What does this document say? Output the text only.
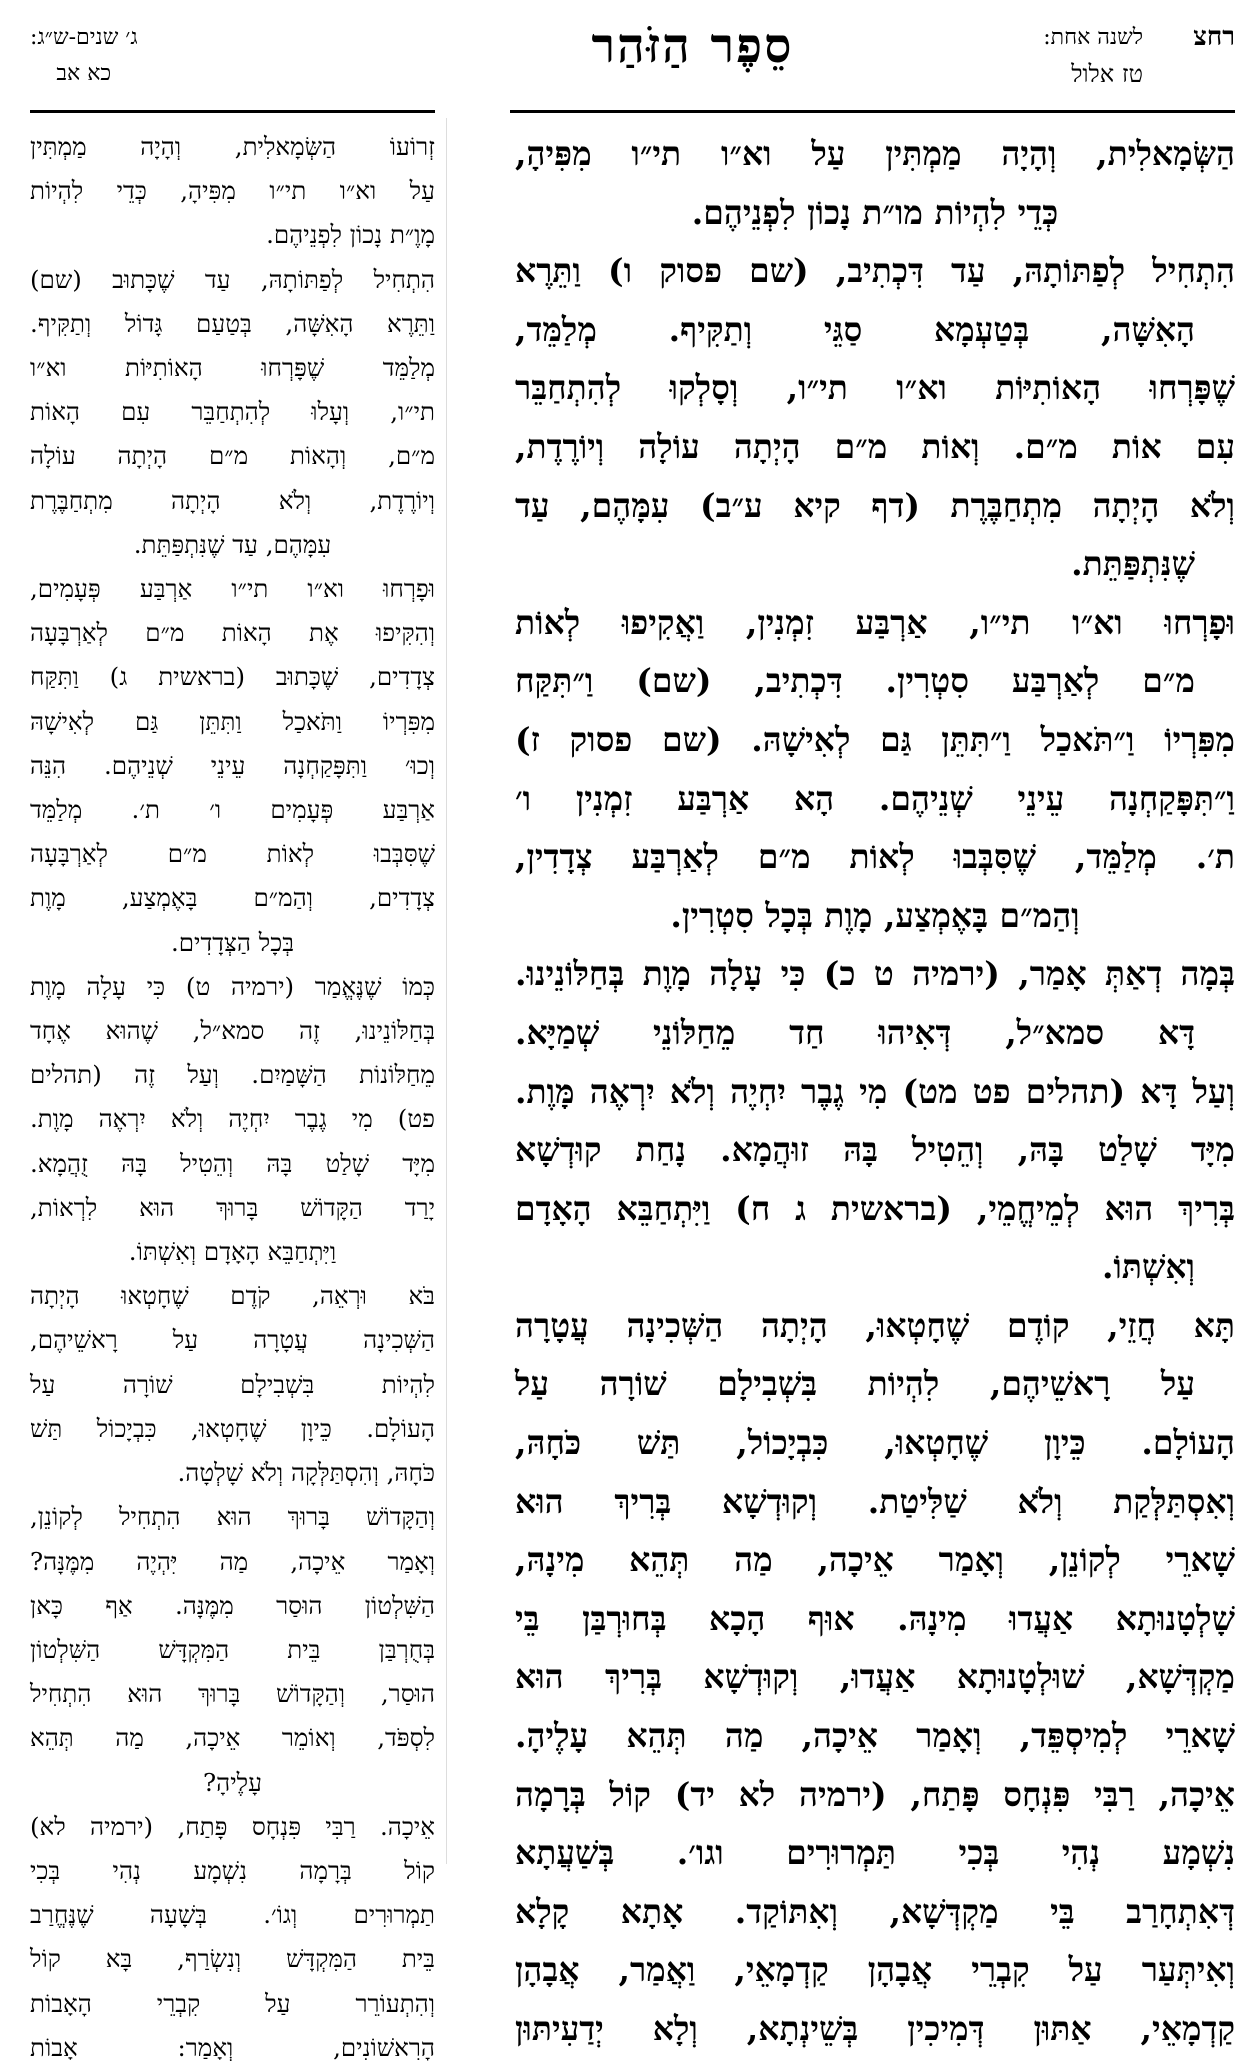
רחצ
לשנה אחת:
טז אלול
סֵפֶר הַזֹּהַר
ג׳ שנים-ש״ג:
כא אב

הַשְּׂמָאלִית, וְהָיָה מַמְתִּין עַל וא״ו תי״ו מִפִּיהָ,

כְּדֵי לִהְיוֹת מו״ת נָכוֹן לִפְנֵיהֶם.

הִתְחִיל לְפַתּוֹתָהּ, עַד דִּכְתִיב, (שם פסוק ו) וַתֵּרֶא

הָאִשָּׁה, בְּטַעְמָא סַגֵּי וְתַקִּיף. מְלַמֵּד,

שֶׁפָּרְחוּ הָאוֹתִיּוֹת וא״ו תי״ו, וְסָלְקוּ לְהִתְחַבֵּר

עִם אוֹת מ״ם. וְאוֹת מ״ם הָיְתָה עוֹלָה וְיוֹרֶדֶת,

וְלֹא הָיְתָה מִתְחַבֶּרֶת (דף קיא ע״ב) עִמָּהֶם, עַד

שֶׁנִּתְפַּתֵּת.

וּפָרְחוּ וא״ו תי״ו, אַרְבַּע זִמְנִין, וַאֲקִיפוּ לְאוֹת

מ״ם לְאַרְבַּע סִטְרִין. דִּכְתִיב, (שם) וַ״תִּקַּח

מִפִּרְיוֹ וַ״תֹּאכַל וַ״תִּתֵּן גַּם לְאִישָׁהּ. (שם פסוק ז)

וַ״תִּפָּקַחְנָה עֵינֵי שְׁנֵיהֶם. הָא אַרְבַּע זִמְנִין ו׳

ת׳. מְלַמֵּד, שֶׁסִּבְּבוּ לְאוֹת מ״ם לְאַרְבַּע צְדָדִין,

וְהַמ״ם בָּאֶמְצַע, מָוֶת בְּכָל סִטְרִין.

בְּמָה דְאַתְּ אָמַר, (ירמיה ט כ) כִּי עָלָה מָוֶת בְּחַלּוֹנֵינוּ.

דָּא סמא״ל, דְּאִיהוּ חַד מֵחַלּוֹנֵי שְׁמַיָּא.

וְעַל דָּא (תהלים פט מט) מִי גֶבֶר יִחְיֶה וְלֹא יִרְאֶה מָּוֶת.

מִיָּד שָׁלַט בָּהּ, וְהֵטִיל בָּהּ זוּהֲמָא. נָחַת קוּדְשָׁא

בְּרִיךְ הוּא לְמֵיחֱמֵי, (בראשית ג ח) וַיִּתְחַבֵּא הָאָדָם

וְאִשְׁתּוֹ.

תָּא חֲזֵי, קוֹדֶם שֶׁחָטְאוּ, הָיְתָה הַשְּׁכִינָה עֲטָרָה

עַל רָאשֵׁיהֶם, לִהְיוֹת בִּשְׁבִילָם שׁוֹרָה עַל

הָעוֹלָם. כֵּיוָן שֶׁחָטְאוּ, כִּבְיָכוֹל, תַּשׁ כֹּחָהּ,

וְאִסְתַּלְּקַת וְלֹא שַׁלִּיטַת. וְקוּדְשָׁא בְּרִיךְ הוּא

שָׁארֵי לְקוֹנֵן, וְאָמַר אֵיכָה, מַה תְּהֵא מִינָהּ,

שָׁלְטָנוּתָא אַעֲדוּ מִינָהּ. אוּף הָכָא בְּחוּרְבַּן בֵּי

מַקְדְּשָׁא, שׁוּלְטָנוּתָא אַעֲדוּ, וְקוּדְשָׁא בְּרִיךְ הוּא

שָׁארֵי לְמִיסְפֵּד, וְאָמַר אֵיכָה, מַה תְּהֵא עָלֶיהָ.

אֵיכָה, רַבִּי פִּנְחָס פָּתַח, (ירמיה לא יד) קוֹל בְּרָמָה

נִשְׁמָע נְהִי בְּכִי תַּמְרוּרִים וגו׳. בְּשַׁעֲתָא

דְּאִתְחָרַב בֵּי מַקְדְּשָׁא, וְאִתּוֹקַד. אָתָא קָלָא

וְאִיתְּעַר עַל קִבְרֵי אֲבָהָן קַדְמָאֵי, וַאֲמַר, אֲבָהָן

קַדְמָאֵי, אַתּוּן דְּמִיכִין בְּשֵׁינְתָא, וְלָא יְדַעִיתּוּן

זְרוֹעוֹ הַשְּׂמָאלִית, וְהָיָה מַמְתִּין

עַל וא״ו תי״ו מִפִּיהָ, כְּדֵי לִהְיוֹת

מָוֶ״ת נָכוֹן לִפְנֵיהֶם.

הִתְחִיל לְפַתּוֹתָהּ, עַד שֶׁכָּתוּב (שם)

וַתֵּרֶא הָאִשָּׁה, בְּטַעַם גָּדוֹל וְתַקִּיף.

מְלַמֵּד שֶׁפָּרְחוּ הָאוֹתִיּוֹת וא״ו

תי״ו, וְעָלוּ לְהִתְחַבֵּר עִם הָאוֹת

מ״ם, וְהָאוֹת מ״ם הָיְתָה עוֹלָה

וְיוֹרֶדֶת, וְלֹא הָיְתָה מִתְחַבֶּרֶת

עִמָּהֶם, עַד שֶׁנִּתְפַּתֵּת.

וּפָרְחוּ וא״ו תי״ו אַרְבַּע פְּעָמִים,

וְהִקִּיפוּ אֶת הָאוֹת מ״ם לְאַרְבָּעָה

צְדָדִים, שֶׁכָּתוּב (בראשית ג) וַתִּקַּח

מִפִּרְיוֹ וַתֹּאכַל וַתִּתֵּן גַּם לְאִישָׁהּ

וְכוּ׳ וַתִּפָּקַחְנָה עֵינֵי שְׁנֵיהֶם. הִנֵּה

אַרְבַּע פְּעָמִים ו׳ ת׳. מְלַמֵּד

שֶׁסִּבְּבוּ לְאוֹת מ״ם לְאַרְבָּעָה

צְדָדִים, וְהַמ״ם בָּאֶמְצַע, מָוֶת

בְּכָל הַצְּדָדִים.

כְּמוֹ שֶׁנֶּאֱמַר (ירמיה ט) כִּי עָלָה מָוֶת

בְּחַלּוֹנֵינוּ, זֶה סמא״ל, שֶׁהוּא אֶחָד

מֵחַלּוֹנוֹת הַשָּׁמַיִם. וְעַל זֶה (תהלים

פט) מִי גֶבֶר יִחְיֶה וְלֹא יִרְאֶה מָוֶת.

מִיָּד שָׁלַט בָּהּ וְהֵטִיל בָּהּ זֻהֲמָא.

יָרַד הַקָּדוֹשׁ בָּרוּךְ הוּא לִרְאוֹת,

וַיִּתְחַבֵּא הָאָדָם וְאִשְׁתּוֹ.

בֹּא וּרְאֵה, קֹדֶם שֶׁחָטְאוּ הָיְתָה

הַשְּׁכִינָה עֲטָרָה עַל רָאשֵׁיהֶם,

לִהְיוֹת בִּשְׁבִילָם שׁוֹרָה עַל

הָעוֹלָם. כֵּיוָן שֶׁחָטְאוּ, כִּבְיָכוֹל תַּשׁ

כֹּחָהּ, וְהִסְתַּלְּקָה וְלֹא שָׁלְטָה.

וְהַקָּדוֹשׁ בָּרוּךְ הוּא הִתְחִיל לְקוֹנֵן,

וְאָמַר אֵיכָה, מַה יִּהְיֶה מִמֶּנָּה?

הַשִּׁלְטוֹן הוּסַר מִמֶּנָּה. אַף כָּאן

בְּחֻרְבַּן בֵּית הַמִּקְדָּשׁ הַשִּׁלְטוֹן

הוּסַר, וְהַקָּדוֹשׁ בָּרוּךְ הוּא הִתְחִיל

לִסְפֹּד, וְאוֹמֵר אֵיכָה, מַה תְּהֵא

עָלֶיהָ?

אֵיכָה. רַבִּי פִּנְחָס פָּתַח, (ירמיה לא)

קוֹל בְּרָמָה נִשְׁמָע נְהִי בְּכִי

תַמְרוּרִים וְגוֹ׳. בְּשָׁעָה שֶׁנֶּחֱרַב

בֵּית הַמִּקְדָּשׁ וְנִשְׂרַף, בָּא קוֹל

וְהִתְעוֹרֵר עַל קִבְרֵי הָאָבוֹת

הָרִאשׁוֹנִים, וְאָמַר: אָבוֹת
